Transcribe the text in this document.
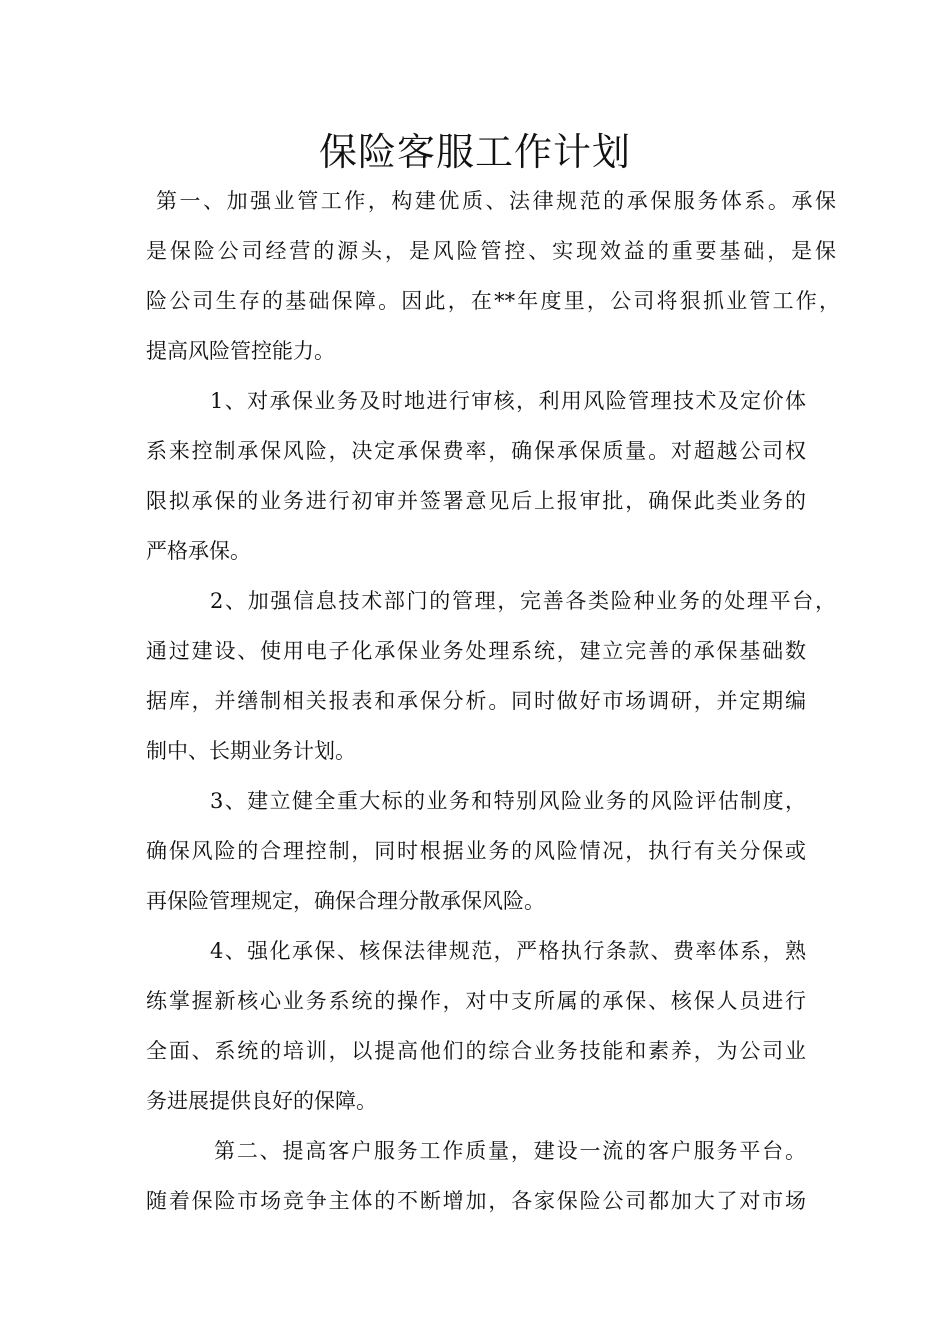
保险客服工作计划
第一、加强业管工作，构建优质、法律规范的承保服务体系。承保
是保险公司经营的源头，是风险管控、实现效益的重要基础，是保
险公司生存的基础保障。因此，在**年度里，公司将狠抓业管工作，
提高风险管控能力。
1、对承保业务及时地进行审核，利用风险管理技术及定价体
系来控制承保风险，决定承保费率，确保承保质量。对超越公司权
限拟承保的业务进行初审并签署意见后上报审批，确保此类业务的
严格承保。
2、加强信息技术部门的管理，完善各类险种业务的处理平台，
通过建设、使用电子化承保业务处理系统，建立完善的承保基础数
据库，并缮制相关报表和承保分析。同时做好市场调研，并定期编
制中、长期业务计划。
3、建立健全重大标的业务和特别风险业务的风险评估制度，
确保风险的合理控制，同时根据业务的风险情况，执行有关分保或
再保险管理规定，确保合理分散承保风险。
4、强化承保、核保法律规范，严格执行条款、费率体系，熟
练掌握新核心业务系统的操作，对中支所属的承保、核保人员进行
全面、系统的培训，以提高他们的综合业务技能和素养，为公司业
务进展提供良好的保障。
第二、提高客户服务工作质量，建设一流的客户服务平台。
随着保险市场竞争主体的不断增加，各家保险公司都加大了对市场
